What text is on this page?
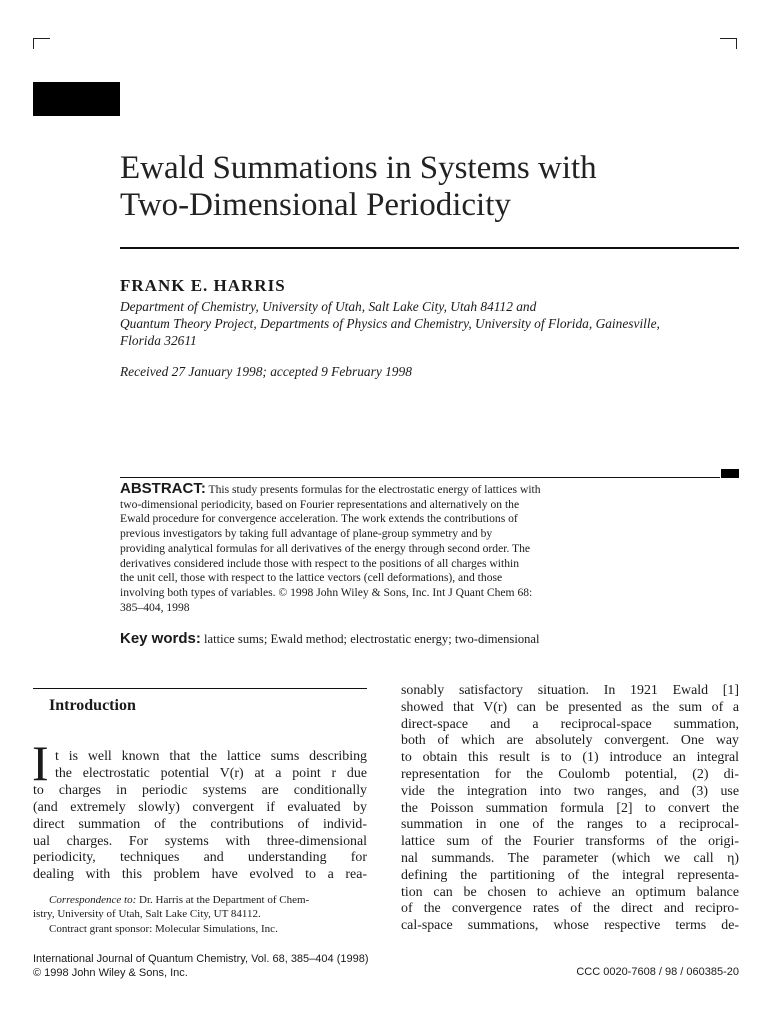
Ewald Summations in Systems with
Two-Dimensional Periodicity
FRANK E. HARRIS
Department of Chemistry, University of Utah, Salt Lake City, Utah 84112 and
Quantum Theory Project, Departments of Physics and Chemistry, University of Florida, Gainesville,
Florida 32611
Received 27 January 1998; accepted 9 February 1998
ABSTRACT: This study presents formulas for the electrostatic energy of lattices with
two-dimensional periodicity, based on Fourier representations and alternatively on the
Ewald procedure for convergence acceleration. The work extends the contributions of
previous investigators by taking full advantage of plane-group symmetry and by
providing analytical formulas for all derivatives of the energy through second order. The
derivatives considered include those with respect to the positions of all charges within
the unit cell, those with respect to the lattice vectors (cell deformations), and those
involving both types of variables. © 1998 John Wiley & Sons, Inc. Int J Quant Chem 68:
385–404, 1998
Key words: lattice sums; Ewald method; electrostatic energy; two-dimensional
Introduction
I t is well known that the lattice sums describing
the electrostatic potential V(r) at a point r due
to charges in periodic systems are conditionally
(and extremely slowly) convergent if evaluated by
direct summation of the contributions of individ-
ual charges. For systems with three-dimensional
periodicity, techniques and understanding for
dealing with this problem have evolved to a rea-
Correspondence to: Dr. Harris at the Department of Chem-
istry, University of Utah, Salt Lake City, UT 84112.
Contract grant sponsor: Molecular Simulations, Inc.
sonably satisfactory situation. In 1921 Ewald [1]
showed that V(r) can be presented as the sum of a
direct-space and a reciprocal-space summation,
both of which are absolutely convergent. One way
to obtain this result is to (1) introduce an integral
representation for the Coulomb potential, (2) di-
vide the integration into two ranges, and (3) use
the Poisson summation formula [2] to convert the
summation in one of the ranges to a reciprocal-
lattice sum of the Fourier transforms of the origi-
nal summands. The parameter (which we call η)
defining the partitioning of the integral representa-
tion can be chosen to achieve an optimum balance
of the convergence rates of the direct and recipro-
cal-space summations, whose respective terms de-
International Journal of Quantum Chemistry, Vol. 68, 385–404 (1998)
© 1998 John Wiley & Sons, Inc.	CCC 0020-7608 / 98 / 060385-20
